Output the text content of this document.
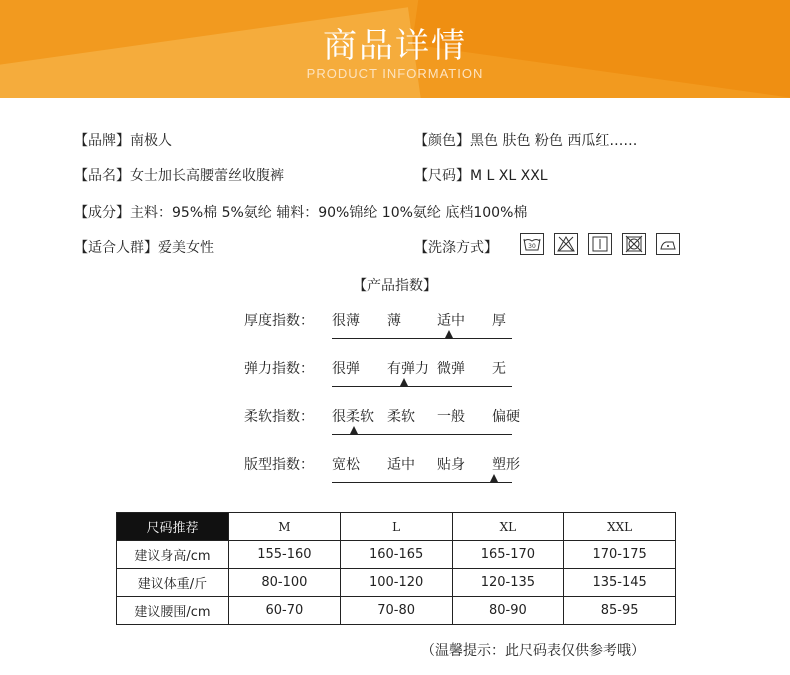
商品详情
PRODUCT INFORMATION
【品牌】南极人	【颜色】黑色 肤色 粉色 西瓜红……
【品名】女士加长高腰蕾丝收腹裤	【尺码】M L XL XXL
【成分】主料：95%棉 5%氨纶 辅料：90%锦纶 10%氨纶 底档100%棉
【适合人群】爱美女性	【洗涤方式】	30
【产品指数】
厚度指数： 很薄 薄	适中 厚
弹力指数： 很弹 有弹力 微弹 无
柔软指数： 很柔软 柔软 一般 偏硬
版型指数： 宽松 适中 贴身 塑形
尺码推荐	M	L	XL	XXL
建议身高/cm	155-160	160-165	165-170	170-175
建议体重/斤	80-100	100-120	120-135	135-145
建议腰围/cm	60-70	70-80	80-90	85-95
（温馨提示：此尺码表仅供参考哦）
